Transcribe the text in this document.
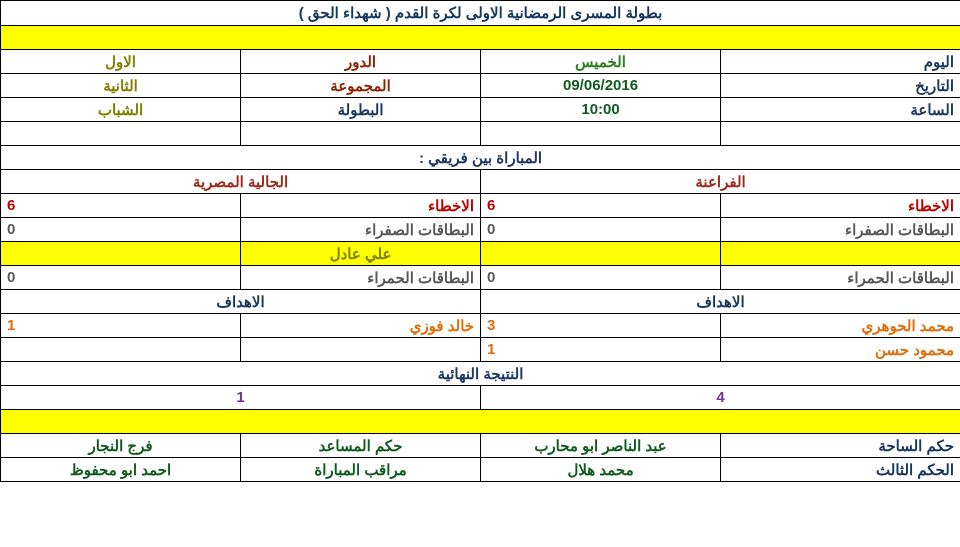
بطولة المسرى الرمضانية الاولى لكرة القدم ( شهداء الحق )			

اليوم	الخميس	الدور	الاول
التاريخ	09/06/2016	المجموعة	الثانية
الساعة	10:00	البطولة	الشباب

المباراة بين فريقي :			
الفراعنة		الجالية المصرية	
الاخطاء	6	الاخطاء	6
البطاقات الصفراء	0	البطاقات الصفراء	0
		علي عادل	
البطاقات الحمراء	0	البطاقات الحمراء	0
الاهداف		الاهداف	
محمد الحوهري	3	خالد فوزي	1
محمود حسن	1		
النتيجة النهائية			
4		1	

حكم الساحة	عبد الناصر ابو محارب	حكم المساعد	فرج النجار
الحكم الثالث	محمد هلال	مراقب المباراة	احمد ابو محفوظ
